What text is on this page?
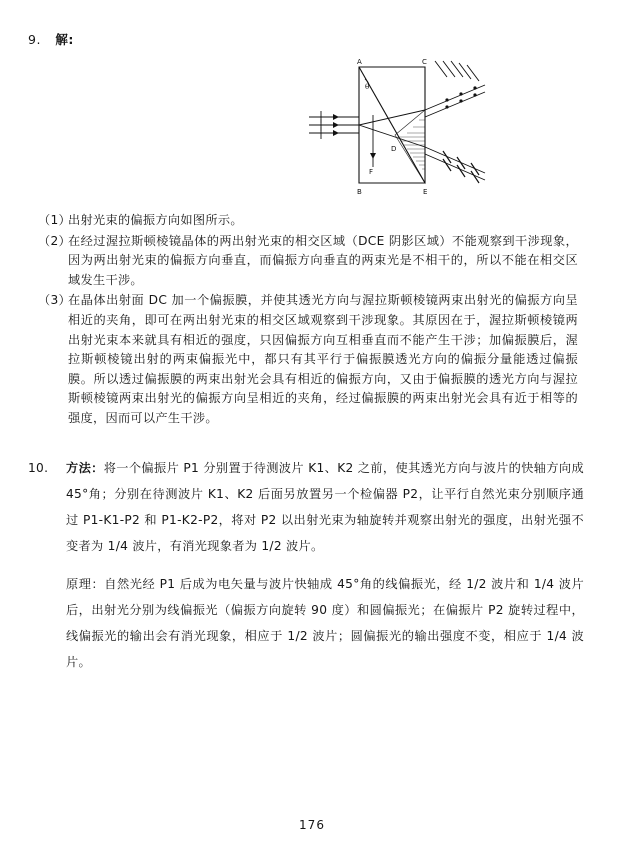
9. 解:
A
B
C
E
D
F
θ
（1）
出射光束的偏振方向如图所示。
（2）
在经过渥拉斯顿棱镜晶体的两出射光束的相交区域（DCE 阴影区域）不能观察到干涉现象，因为两出射光束的偏振方向垂直，而偏振方向垂直的两束光是不相干的，所以不能在相交区域发生干涉。
（3）
在晶体出射面 DC 加一个偏振膜，并使其透光方向与渥拉斯顿棱镜两束出射光的偏振方向呈相近的夹角，即可在两出射光束的相交区域观察到干涉现象。其原因在于，渥拉斯顿棱镜两出射光束本来就具有相近的强度，只因偏振方向互相垂直而不能产生干涉；加偏振膜后，渥拉斯顿棱镜出射的两束偏振光中，都只有其平行于偏振膜透光方向的偏振分量能透过偏振膜。所以透过偏振膜的两束出射光会具有相近的偏振方向，又由于偏振膜的透光方向与渥拉斯顿棱镜两束出射光的偏振方向呈相近的夹角，经过偏振膜的两束出射光会具有近于相等的强度，因而可以产生干涉。
10. 方法：将一个偏振片 P1 分别置于待测波片 K1、K2 之前，使其透光方向与波片的快轴方向成 45°角；分别在待测波片 K1、K2 后面另放置另一个检偏器 P2，让平行自然光束分别顺序通过 P1-K1-P2 和 P1-K2-P2，将对 P2 以出射光束为轴旋转并观察出射光的强度，出射光强不变者为 1/4 波片，有消光现象者为 1/2 波片。
原理：自然光经 P1 后成为电矢量与波片快轴成 45°角的线偏振光，经 1/2 波片和 1/4 波片后，出射光分别为线偏振光（偏振方向旋转 90 度）和圆偏振光；在偏振片 P2 旋转过程中，线偏振光的输出会有消光现象，相应于 1/2 波片；圆偏振光的输出强度不变，相应于 1/4 波片。
176
